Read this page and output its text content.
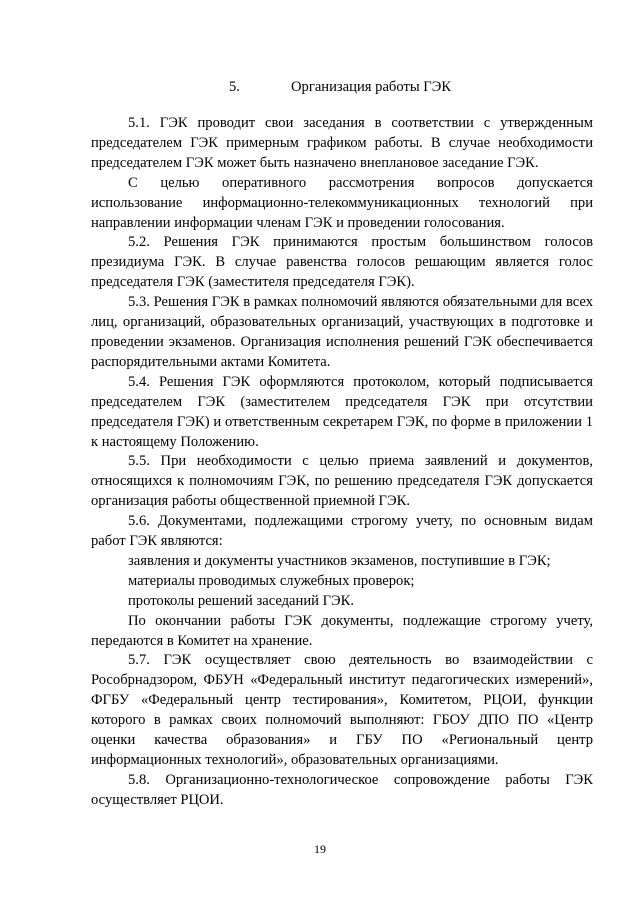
5.	Организация работы ГЭК

5.1. ГЭК проводит свои заседания в соответствии с утвержденным председателем ГЭК примерным графиком работы. В случае необходимости председателем ГЭК может быть назначено внеплановое заседание ГЭК.

С целью оперативного рассмотрения вопросов допускается использование информационно-телекоммуникационных технологий при направлении информации членам ГЭК и проведении голосования.

5.2. Решения ГЭК принимаются простым большинством голосов президиума ГЭК. В случае равенства голосов решающим является голос председателя ГЭК (заместителя председателя ГЭК).

5.3. Решения ГЭК в рамках полномочий являются обязательными для всех лиц, организаций, образовательных организаций, участвующих в подготовке и проведении экзаменов. Организация исполнения решений ГЭК обеспечивается распорядительными актами Комитета.

5.4. Решения ГЭК оформляются протоколом, который подписывается председателем ГЭК (заместителем председателя ГЭК при отсутствии председателя ГЭК) и ответственным секретарем ГЭК, по форме в приложении 1 к настоящему Положению.

5.5. При необходимости с целью приема заявлений и документов, относящихся к полномочиям ГЭК, по решению председателя ГЭК допускается организация работы общественной приемной ГЭК.

5.6. Документами, подлежащими строгому учету, по основным видам работ ГЭК являются:

заявления и документы участников экзаменов, поступившие в ГЭК;

материалы проводимых служебных проверок;

протоколы решений заседаний ГЭК.

По окончании работы ГЭК документы, подлежащие строгому учету, передаются в Комитет на хранение.

5.7. ГЭК осуществляет свою деятельность во взаимодействии с Рособрнадзором, ФБУН «Федеральный институт педагогических измерений», ФГБУ «Федеральный центр тестирования», Комитетом, РЦОИ, функции которого в рамках своих полномочий выполняют: ГБОУ ДПО ПО «Центр оценки качества образования» и ГБУ ПО «Региональный центр информационных технологий», образовательных организациями.

5.8. Организационно-технологическое сопровождение работы ГЭК осуществляет РЦОИ.

19
